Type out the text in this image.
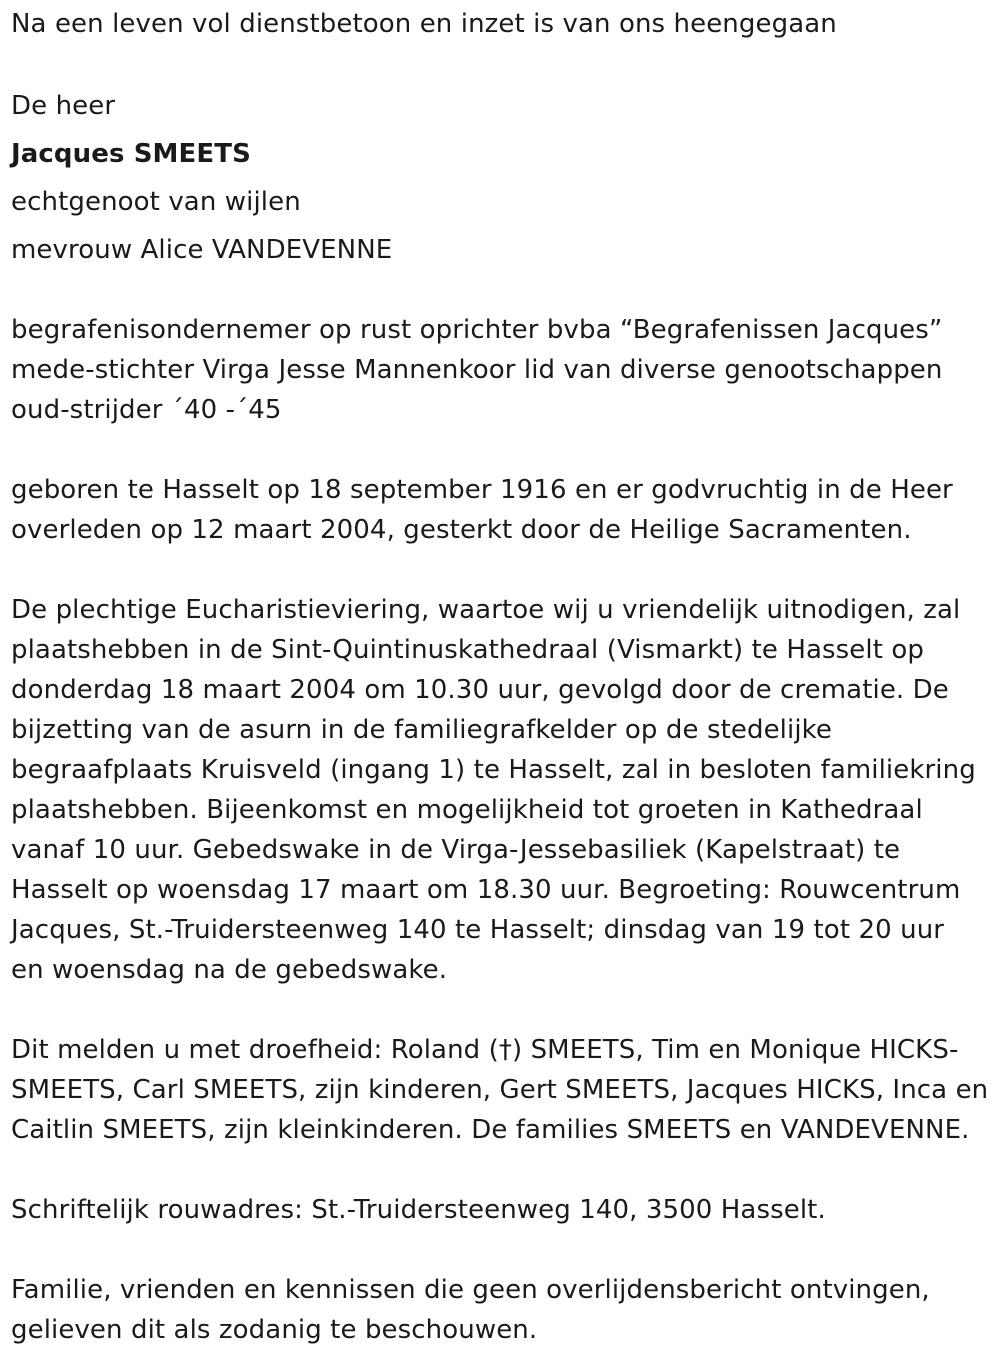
Na een leven vol dienstbetoon en inzet is van ons heengegaan
De heer
Jacques SMEETS
echtgenoot van wijlen
mevrouw Alice VANDEVENNE
begrafenisondernemer op rust oprichter bvba “Begrafenissen Jacques”
mede-stichter Virga Jesse Mannenkoor lid van diverse genootschappen
oud-strijder ´40 -´45
geboren te Hasselt op 18 september 1916 en er godvruchtig in de Heer
overleden op 12 maart 2004, gesterkt door de Heilige Sacramenten.
De plechtige Eucharistieviering, waartoe wij u vriendelijk uitnodigen, zal
plaatshebben in de Sint-Quintinuskathedraal (Vismarkt) te Hasselt op
donderdag 18 maart 2004 om 10.30 uur, gevolgd door de crematie. De
bijzetting van de asurn in de familiegrafkelder op de stedelijke
begraafplaats Kruisveld (ingang 1) te Hasselt, zal in besloten familiekring
plaatshebben. Bijeenkomst en mogelijkheid tot groeten in Kathedraal
vanaf 10 uur. Gebedswake in de Virga-Jessebasiliek (Kapelstraat) te
Hasselt op woensdag 17 maart om 18.30 uur. Begroeting: Rouwcentrum
Jacques, St.-Truidersteenweg 140 te Hasselt; dinsdag van 19 tot 20 uur
en woensdag na de gebedswake.
Dit melden u met droefheid: Roland (†) SMEETS, Tim en Monique HICKS-
SMEETS, Carl SMEETS, zijn kinderen, Gert SMEETS, Jacques HICKS, Inca en
Caitlin SMEETS, zijn kleinkinderen. De families SMEETS en VANDEVENNE.
Schriftelijk rouwadres: St.-Truidersteenweg 140, 3500 Hasselt.
Familie, vrienden en kennissen die geen overlijdensbericht ontvingen,
gelieven dit als zodanig te beschouwen.
